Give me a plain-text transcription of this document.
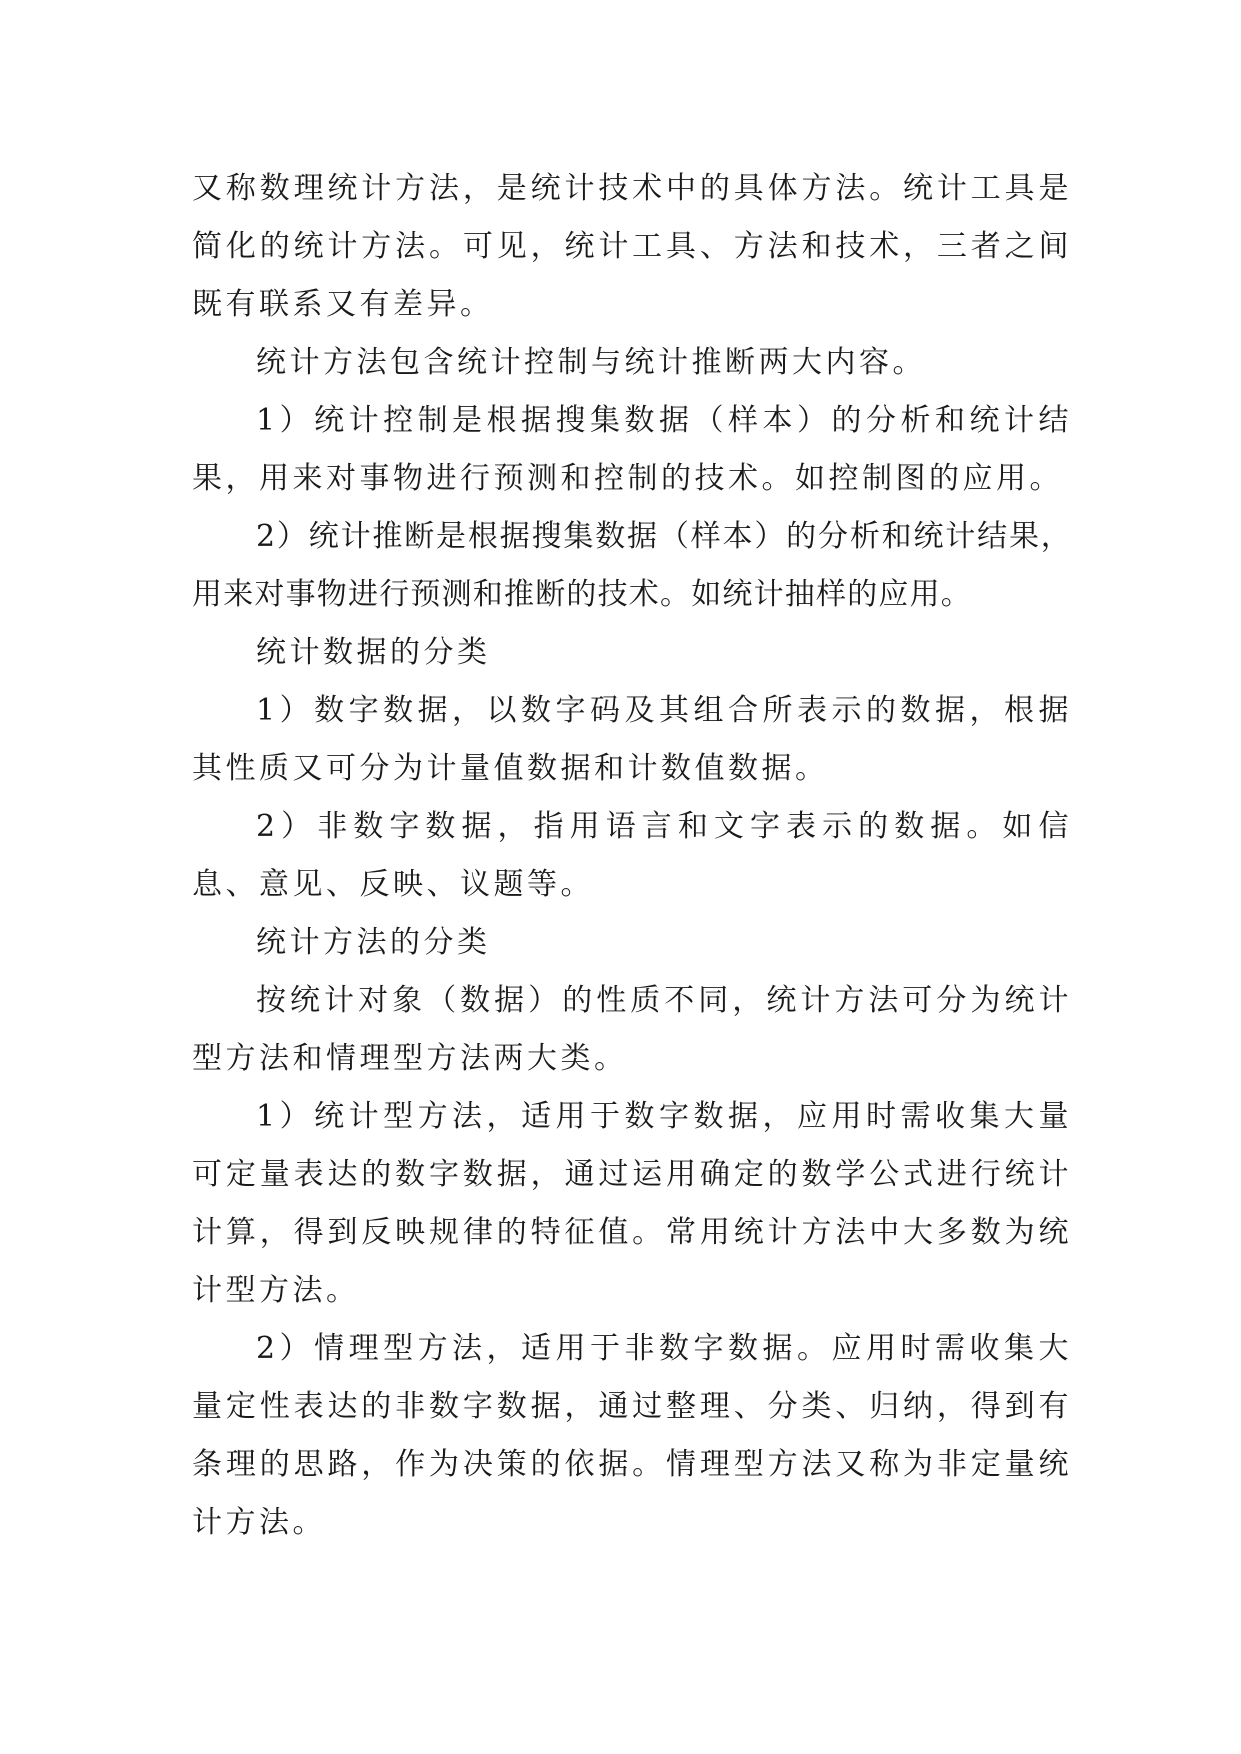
又称数理统计方法，是统计技术中的具体方法。统计工具是简化的统计方法。可见，统计工具、方法和技术，三者之间既有联系又有差异。

统计方法包含统计控制与统计推断两大内容。

1）统计控制是根据搜集数据（样本）的分析和统计结果，用来对事物进行预测和控制的技术。如控制图的应用。

2）统计推断是根据搜集数据（样本）的分析和统计结果，用来对事物进行预测和推断的技术。如统计抽样的应用。

统计数据的分类

1）数字数据，以数字码及其组合所表示的数据，根据其性质又可分为计量值数据和计数值数据。

2）非数字数据，指用语言和文字表示的数据。如信息、意见、反映、议题等。

统计方法的分类

按统计对象（数据）的性质不同，统计方法可分为统计型方法和情理型方法两大类。

1）统计型方法，适用于数字数据，应用时需收集大量可定量表达的数字数据，通过运用确定的数学公式进行统计计算，得到反映规律的特征值。常用统计方法中大多数为统计型方法。

2）情理型方法，适用于非数字数据。应用时需收集大量定性表达的非数字数据，通过整理、分类、归纳，得到有条理的思路，作为决策的依据。情理型方法又称为非定量统计方法。
